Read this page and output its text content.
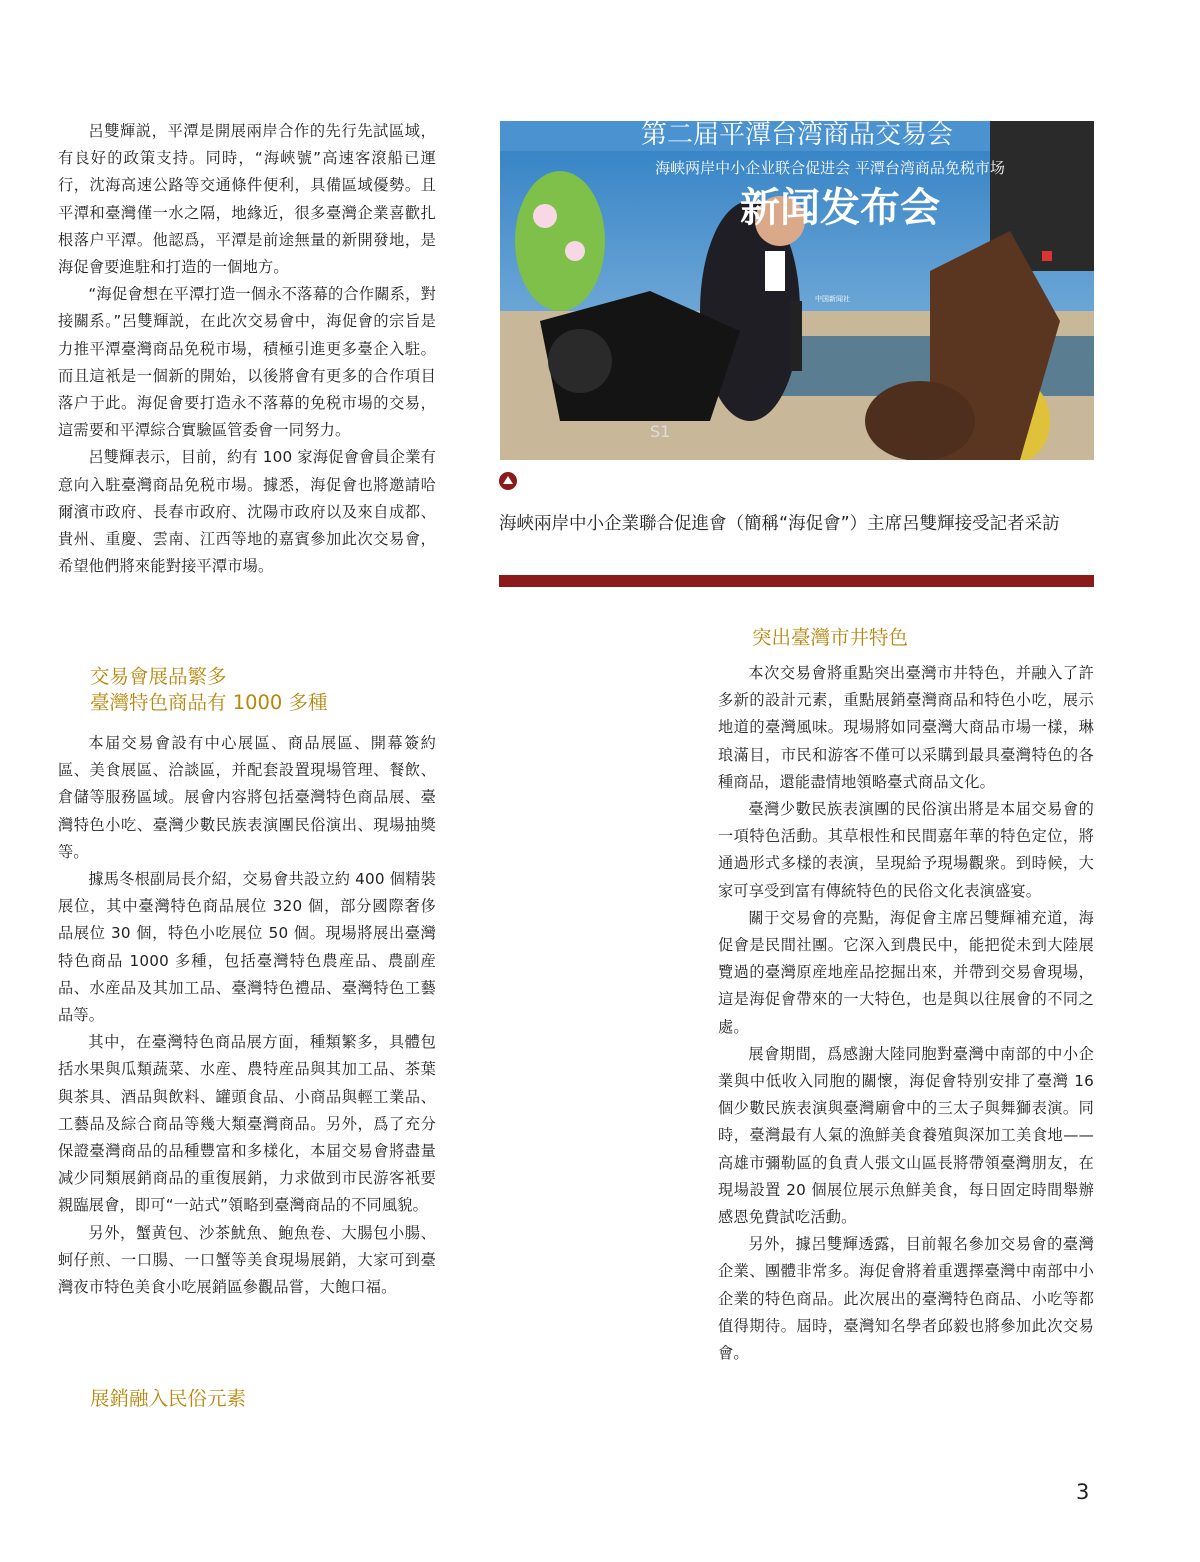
呂雙輝説，平潭是開展兩岸合作的先行先試區域，有良好的政策支持。同時，“海峽號”高速客滾船已運行，沈海高速公路等交通條件便利，具備區域優勢。且平潭和臺灣僅一水之隔，地緣近，很多臺灣企業喜歡扎根落户平潭。他認爲，平潭是前途無量的新開發地，是海促會要進駐和打造的一個地方。

“海促會想在平潭打造一個永不落幕的合作關系，對接關系。”呂雙輝説，在此次交易會中，海促會的宗旨是力推平潭臺灣商品免税市場，積極引進更多臺企入駐。而且這衹是一個新的開始，以後將會有更多的合作項目落户于此。海促會要打造永不落幕的免税市場的交易，這需要和平潭綜合實驗區管委會一同努力。

呂雙輝表示，目前，約有 100 家海促會會員企業有意向入駐臺灣商品免税市場。據悉，海促會也將邀請哈爾濱市政府、長春市政府、沈陽市政府以及來自成都、貴州、重慶、雲南、江西等地的嘉賓參加此次交易會，希望他們將來能對接平潭市場。

交易會展品繁多
臺灣特色商品有 1000 多種

本届交易會設有中心展區、商品展區、開幕簽約區、美食展區、洽談區，并配套設置現場管理、餐飲、倉儲等服務區域。展會内容將包括臺灣特色商品展、臺灣特色小吃、臺灣少數民族表演團民俗演出、現場抽獎等。

據馬冬根副局長介紹，交易會共設立約 400 個精裝展位，其中臺灣特色商品展位 320 個，部分國際奢侈品展位 30 個，特色小吃展位 50 個。現場將展出臺灣特色商品 1000 多種，包括臺灣特色農産品、農副産品、水産品及其加工品、臺灣特色禮品、臺灣特色工藝品等。

其中，在臺灣特色商品展方面，種類繁多，具體包括水果與瓜類蔬菜、水産、農特産品與其加工品、茶葉與茶具、酒品與飲料、罐頭食品、小商品與輕工業品、工藝品及綜合商品等幾大類臺灣商品。另外，爲了充分保證臺灣商品的品種豐富和多樣化，本届交易會將盡量减少同類展銷商品的重復展銷，力求做到市民游客衹要親臨展會，即可“一站式”領略到臺灣商品的不同風貌。

另外，蟹黄包、沙茶魷魚、鮑魚卷、大腸包小腸、蚵仔煎、一口腸、一口蟹等美食現場展銷，大家可到臺灣夜市特色美食小吃展銷區參觀品嘗，大飽口福。

展銷融入民俗元素
第二届平潭台湾商品交易会
海峡两岸中小企业联合促进会 平潭台湾商品免税市场
新闻发布会
S1
中国新闻社

海峽兩岸中小企業聯合促進會（簡稱“海促會”）主席呂雙輝接受記者采訪

突出臺灣市井特色

本次交易會將重點突出臺灣市井特色，并融入了許多新的設計元素，重點展銷臺灣商品和特色小吃，展示地道的臺灣風味。現場將如同臺灣大商品市場一樣，琳琅滿目，市民和游客不僅可以采購到最具臺灣特色的各種商品，還能盡情地領略臺式商品文化。

臺灣少數民族表演團的民俗演出將是本届交易會的一項特色活動。其草根性和民間嘉年華的特色定位，將通過形式多樣的表演，呈現給予現場觀衆。到時候，大家可享受到富有傳統特色的民俗文化表演盛宴。

關于交易會的亮點，海促會主席呂雙輝補充道，海促會是民間社團。它深入到農民中，能把從未到大陸展覽過的臺灣原産地産品挖掘出來，并帶到交易會現場，這是海促會帶來的一大特色，也是與以往展會的不同之處。

展會期間，爲感謝大陸同胞對臺灣中南部的中小企業與中低收入同胞的關懷，海促會特别安排了臺灣 16 個少數民族表演與臺灣廟會中的三太子與舞獅表演。同時，臺灣最有人氣的漁鮮美食養殖與深加工美食地——高雄市彌勒區的負責人張文山區長將帶領臺灣朋友，在現場設置 20 個展位展示魚鮮美食，每日固定時間舉辦感恩免費試吃活動。

另外，據呂雙輝透露，目前報名參加交易會的臺灣企業、團體非常多。海促會將着重選擇臺灣中南部中小企業的特色商品。此次展出的臺灣特色商品、小吃等都值得期待。屆時，臺灣知名學者邱毅也將參加此次交易會。

3
